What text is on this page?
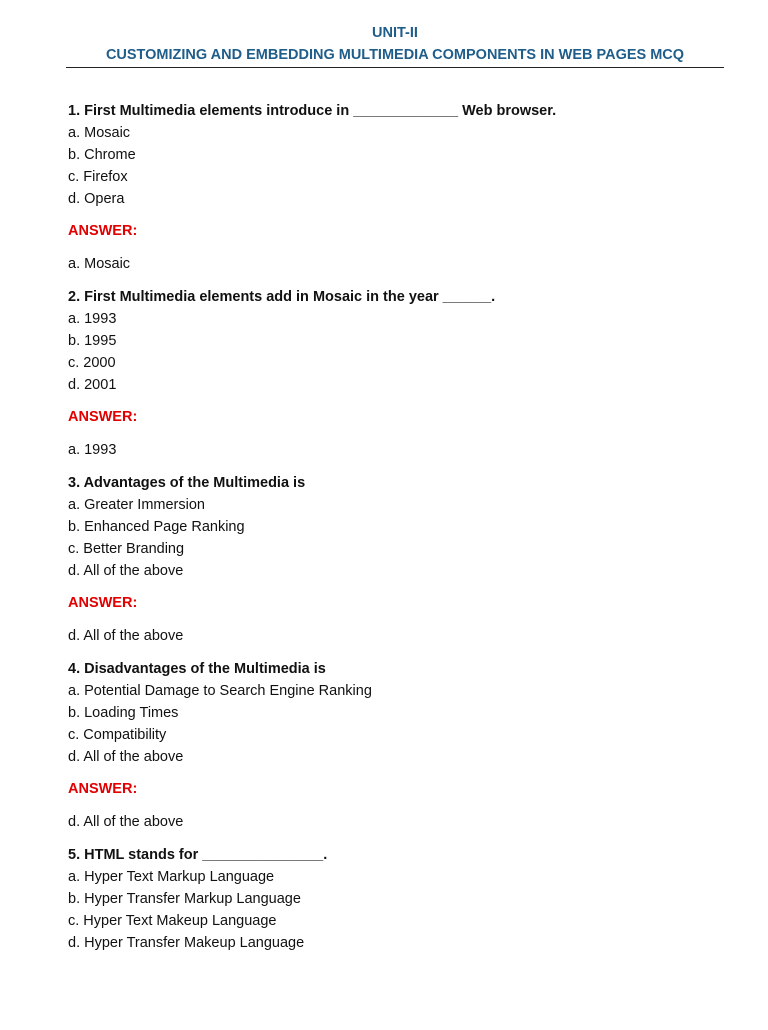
UNIT-II
CUSTOMIZING AND EMBEDDING MULTIMEDIA COMPONENTS IN WEB PAGES MCQ
1. First Multimedia elements introduce in _____________ Web browser.
a. Mosaic
b. Chrome
c. Firefox
d. Opera
ANSWER:
a. Mosaic
2. First Multimedia elements add in Mosaic in the year ______.
a. 1993
b. 1995
c. 2000
d. 2001
ANSWER:
a. 1993
3. Advantages of the Multimedia is
a. Greater Immersion
b. Enhanced Page Ranking
c. Better Branding
d. All of the above
ANSWER:
d. All of the above
4. Disadvantages of the Multimedia is
a. Potential Damage to Search Engine Ranking
b. Loading Times
c. Compatibility
d. All of the above
ANSWER:
d. All of the above
5. HTML stands for _______________.
a. Hyper Text Markup Language
b. Hyper Transfer Markup Language
c. Hyper Text Makeup Language
d. Hyper Transfer Makeup Language
